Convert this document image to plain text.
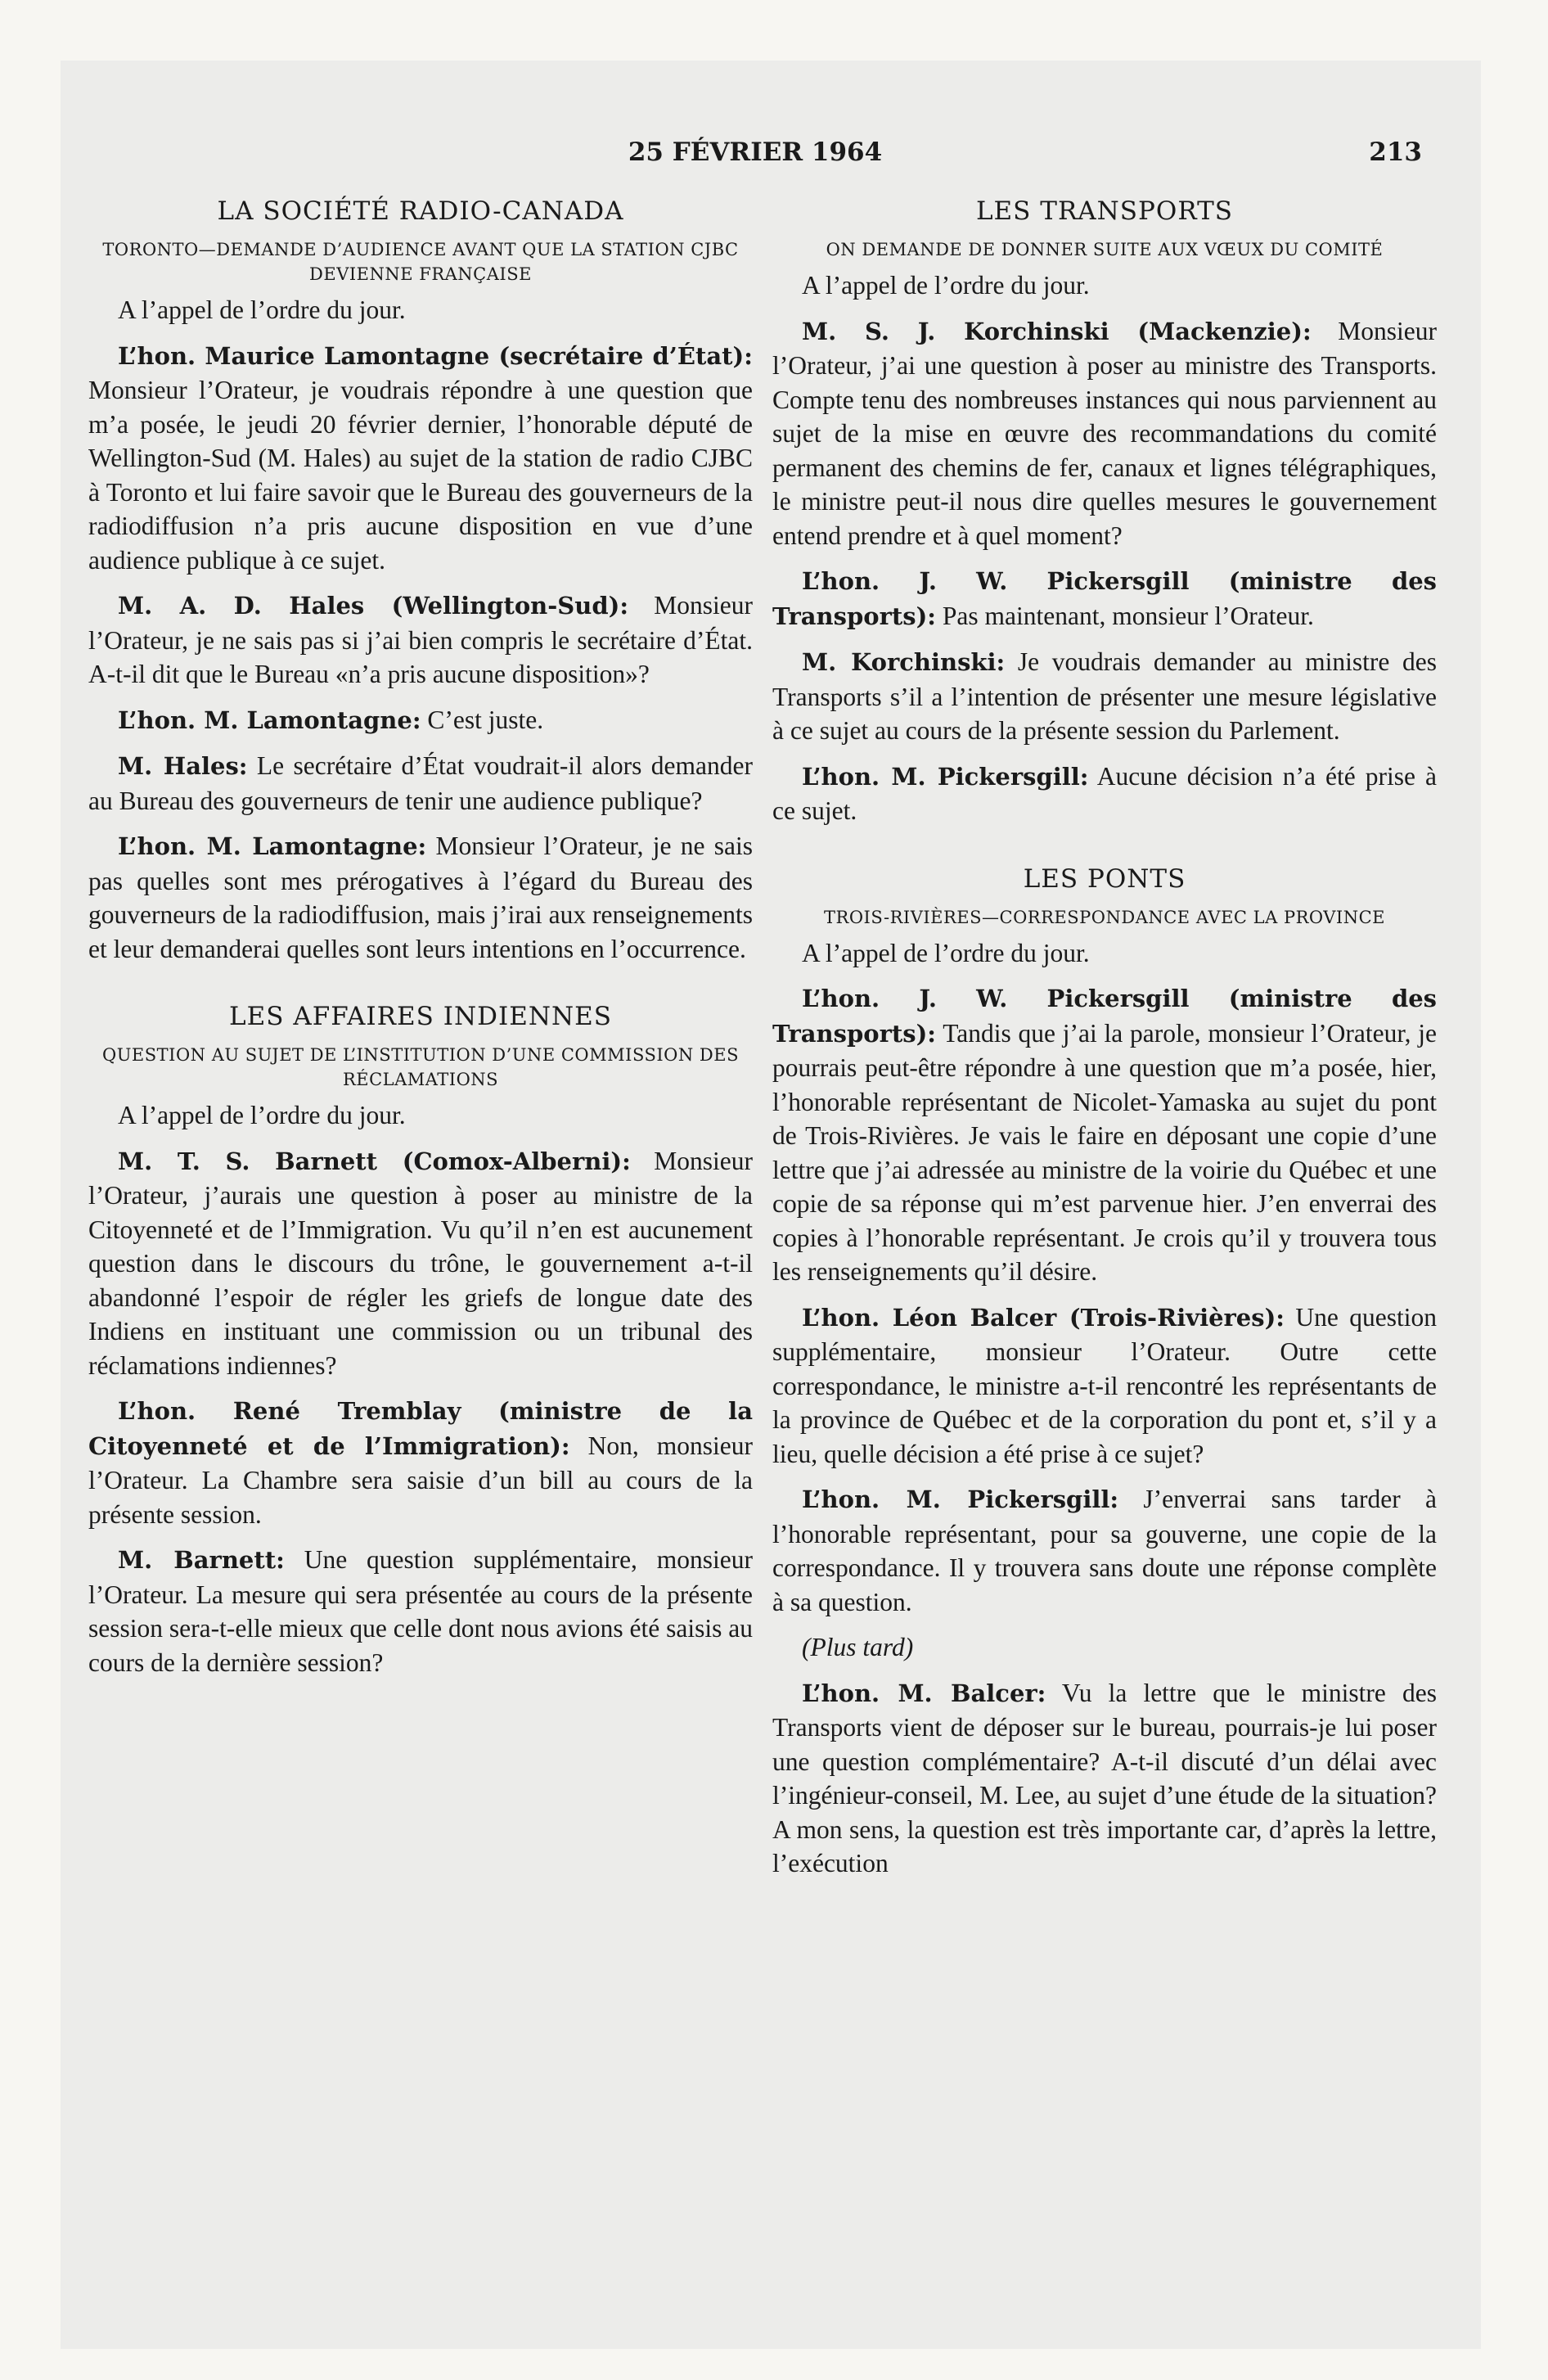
25 FÉVRIER 1964	213
LA SOCIÉTÉ RADIO-CANADA
TORONTO—DEMANDE D’AUDIENCE AVANT QUE LA STATION CJBC DEVIENNE FRANÇAISE

A l’appel de l’ordre du jour.

L’hon. Maurice Lamontagne (secrétaire d’État): Monsieur l’Orateur, je voudrais répondre à une question que m’a posée, le jeudi 20 février dernier, l’honorable député de Wellington-Sud (M. Hales) au sujet de la station de radio CJBC à Toronto et lui faire savoir que le Bureau des gouverneurs de la radiodiffusion n’a pris aucune disposition en vue d’une audience publique à ce sujet.

M. A. D. Hales (Wellington-Sud): Monsieur l’Orateur, je ne sais pas si j’ai bien compris le secrétaire d’État. A-t-il dit que le Bureau «n’a pris aucune disposition»?

L’hon. M. Lamontagne: C’est juste.

M. Hales: Le secrétaire d’État voudrait-il alors demander au Bureau des gouverneurs de tenir une audience publique?

L’hon. M. Lamontagne: Monsieur l’Orateur, je ne sais pas quelles sont mes prérogatives à l’égard du Bureau des gouverneurs de la radiodiffusion, mais j’irai aux renseignements et leur demanderai quelles sont leurs intentions en l’occurrence.

LES AFFAIRES INDIENNES
QUESTION AU SUJET DE L’INSTITUTION D’UNE COMMISSION DES RÉCLAMATIONS

A l’appel de l’ordre du jour.

M. T. S. Barnett (Comox-Alberni): Monsieur l’Orateur, j’aurais une question à poser au ministre de la Citoyenneté et de l’Immigration. Vu qu’il n’en est aucunement question dans le discours du trône, le gouvernement a-t-il abandonné l’espoir de régler les griefs de longue date des Indiens en instituant une commission ou un tribunal des réclamations indiennes?

L’hon. René Tremblay (ministre de la Citoyenneté et de l’Immigration): Non, monsieur l’Orateur. La Chambre sera saisie d’un bill au cours de la présente session.

M. Barnett: Une question supplémentaire, monsieur l’Orateur. La mesure qui sera présentée au cours de la présente session sera-t-elle mieux que celle dont nous avions été saisis au cours de la dernière session?

LES TRANSPORTS
ON DEMANDE DE DONNER SUITE AUX VŒUX DU COMITÉ

A l’appel de l’ordre du jour.

M. S. J. Korchinski (Mackenzie): Monsieur l’Orateur, j’ai une question à poser au ministre des Transports. Compte tenu des nombreuses instances qui nous parviennent au sujet de la mise en œuvre des recommandations du comité permanent des chemins de fer, canaux et lignes télégraphiques, le ministre peut-il nous dire quelles mesures le gouvernement entend prendre et à quel moment?

L’hon. J. W. Pickersgill (ministre des Transports): Pas maintenant, monsieur l’Orateur.

M. Korchinski: Je voudrais demander au ministre des Transports s’il a l’intention de présenter une mesure législative à ce sujet au cours de la présente session du Parlement.

L’hon. M. Pickersgill: Aucune décision n’a été prise à ce sujet.

LES PONTS
TROIS-RIVIÈRES—CORRESPONDANCE AVEC LA PROVINCE

A l’appel de l’ordre du jour.

L’hon. J. W. Pickersgill (ministre des Transports): Tandis que j’ai la parole, monsieur l’Orateur, je pourrais peut-être répondre à une question que m’a posée, hier, l’honorable représentant de Nicolet-Yamaska au sujet du pont de Trois-Rivières. Je vais le faire en déposant une copie d’une lettre que j’ai adressée au ministre de la voirie du Québec et une copie de sa réponse qui m’est parvenue hier. J’en enverrai des copies à l’honorable représentant. Je crois qu’il y trouvera tous les renseignements qu’il désire.

L’hon. Léon Balcer (Trois-Rivières): Une question supplémentaire, monsieur l’Orateur. Outre cette correspondance, le ministre a-t-il rencontré les représentants de la province de Québec et de la corporation du pont et, s’il y a lieu, quelle décision a été prise à ce sujet?

L’hon. M. Pickersgill: J’enverrai sans tarder à l’honorable représentant, pour sa gouverne, une copie de la correspondance. Il y trouvera sans doute une réponse complète à sa question.

(Plus tard)

L’hon. M. Balcer: Vu la lettre que le ministre des Transports vient de déposer sur le bureau, pourrais-je lui poser une question complémentaire? A-t-il discuté d’un délai avec l’ingénieur-conseil, M. Lee, au sujet d’une étude de la situation? A mon sens, la question est très importante car, d’après la lettre, l’exécution
